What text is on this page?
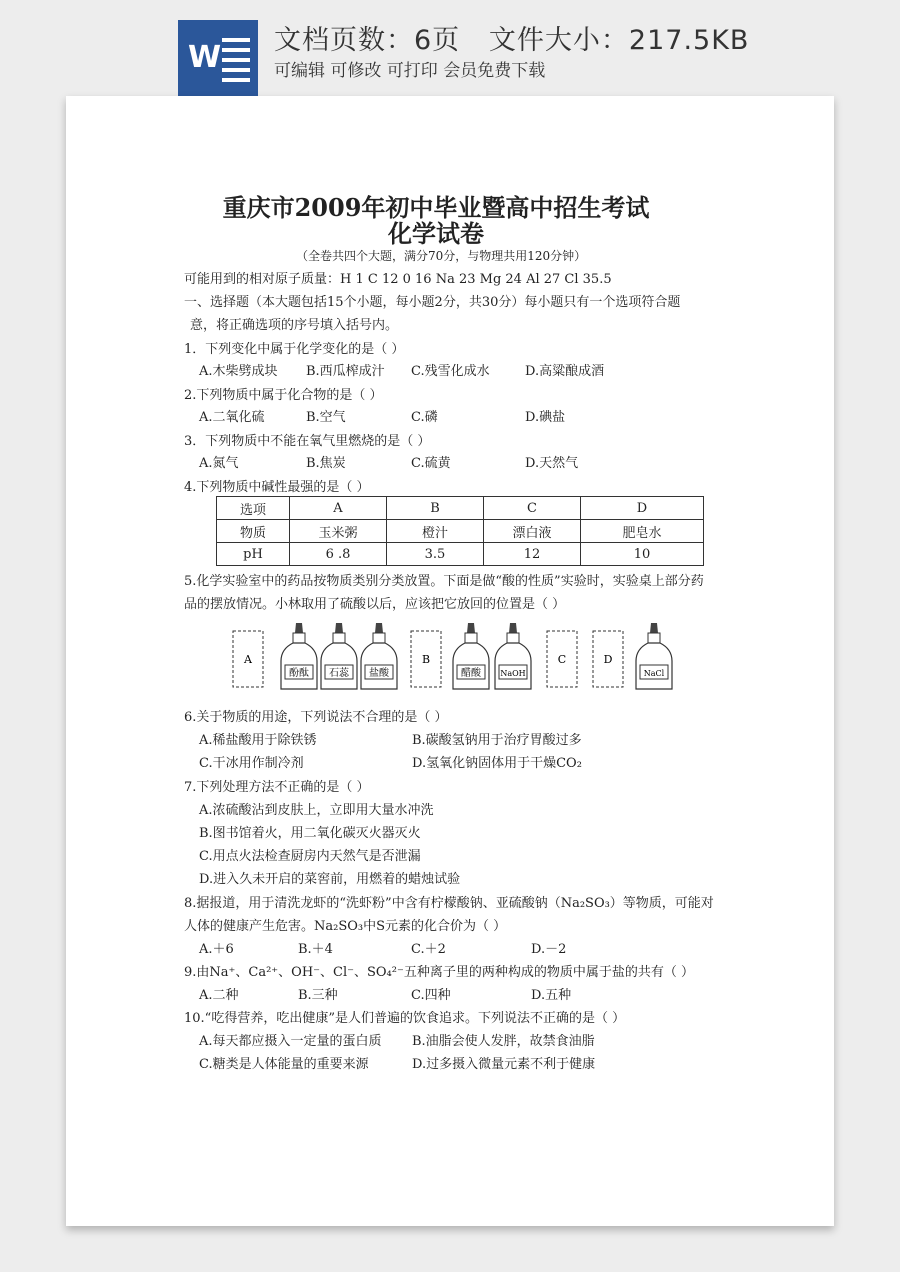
W 文档页数：6页   文件大小：217.5KB
可编辑 可修改 可打印 会员免费下载
重庆市2009年初中毕业暨高中招生考试
化学试卷
（全卷共四个大题，满分70分，与物理共用120分钟）
可能用到的相对原子质量：H 1 C 12 0 16 Na 23 Mg 24 Al 27 Cl 35.5
一、选择题（本大题包括15个小题，每小题2分，共30分）每小题只有一个选项符合题
意，将正确选项的序号填入括号内。
1．下列变化中属于化学变化的是（ ）
A.木柴劈成块 B.西瓜榨成汁 C.残雪化成水	D.高粱酿成酒
2.下列物质中属于化合物的是（ ）
A.二氧化硫	B.空气	C.磷	D.碘盐
3．下列物质中不能在氧气里燃烧的是（ ）
A.氮气	B.焦炭	C.硫黄	D.天然气
4.下列物质中碱性最强的是（ ）
选项	A	B	C	D
物质	玉米粥	橙汁	漂白液	肥皂水
pH	6 .8	3.5	12	10
5.化学实验室中的药品按物质类别分类放置。下面是做“酸的性质”实验时，实验桌上部分药
品的摆放情况。小林取用了硫酸以后，应该把它放回的位置是（ ）
A
酚酞 石蕊 盐酸
B
醋酸 NaOH
C	D
NaCl
6.关于物质的用途，下列说法不合理的是（ ）
A.稀盐酸用于除铁锈	B.碳酸氢钠用于治疗胃酸过多
C.干冰用作制冷剂	D.氢氧化钠固体用于干燥CO₂
7.下列处理方法不正确的是（ ）
A.浓硫酸沾到皮肤上，立即用大量水冲洗
B.图书馆着火，用二氧化碳灭火器灭火
C.用点火法检查厨房内天然气是否泄漏
D.进入久未开启的菜窖前，用燃着的蜡烛试验
8.据报道，用于清洗龙虾的“洗虾粉”中含有柠檬酸钠、亚硫酸钠（Na₂SO₃）等物质，可能对
人体的健康产生危害。Na₂SO₃中S元素的化合价为（ ）
A.＋6	B.＋4	C.＋2	D.－2
9.由Na⁺、Ca²⁺、OH⁻、Cl⁻、SO₄²⁻五种离子里的两种构成的物质中属于盐的共有（ ）
A.二种	B.三种	C.四种	D.五种
10.“吃得营养，吃出健康”是人们普遍的饮食追求。下列说法不正确的是（ ）
A.每天都应摄入一定量的蛋白质 B.油脂会使人发胖，故禁食油脂
C.糖类是人体能量的重要来源	D.过多摄入微量元素不利于健康
